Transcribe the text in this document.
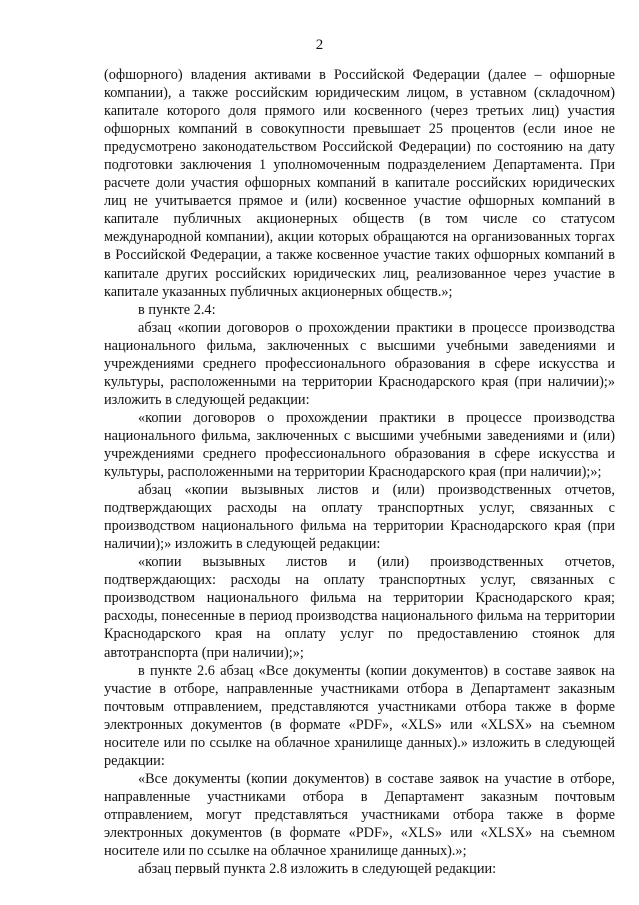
2

(офшорного) владения активами в Российской Федерации (далее – офшорные компании), а также российским юридическим лицом, в уставном (складочном) капитале которого доля прямого или косвенного (через третьих лиц) участия офшорных компаний в совокупности превышает 25 процентов (если иное не предусмотрено законодательством Российской Федерации) по состоянию на дату подготовки заключения 1 уполномоченным подразделением Департамента. При расчете доли участия офшорных компаний в капитале российских юридических лиц не учитывается прямое и (или) косвенное участие офшорных компаний в капитале публичных акционерных обществ (в том числе со статусом международной компании), акции которых обращаются на организованных торгах в Российской Федерации, а также косвенное участие таких офшорных компаний в капитале других российских юридических лиц, реализованное через участие в капитале указанных публичных акционерных обществ.»;

в пункте 2.4:

абзац «копии договоров о прохождении практики в процессе производства национального фильма, заключенных с высшими учебными заведениями и учреждениями среднего профессионального образования в сфере искусства и культуры, расположенными на территории Краснодарского края (при наличии);» изложить в следующей редакции:

«копии договоров о прохождении практики в процессе производства национального фильма, заключенных с высшими учебными заведениями и (или) учреждениями среднего профессионального образования в сфере искусства и культуры, расположенными на территории Краснодарского края (при наличии);»;

абзац «копии вызывных листов и (или) производственных отчетов, подтверждающих расходы на оплату транспортных услуг, связанных с производством национального фильма на территории Краснодарского края (при наличии);» изложить в следующей редакции:

«копии вызывных листов и (или) производственных отчетов, подтверждающих: расходы на оплату транспортных услуг, связанных с производством национального фильма на территории Краснодарского края; расходы, понесенные в период производства национального фильма на территории Краснодарского края на оплату услуг по предоставлению стоянок для автотранспорта (при наличии);»;

в пункте 2.6 абзац «Все документы (копии документов) в составе заявок на участие в отборе, направленные участниками отбора в Департамент заказным почтовым отправлением, представляются участниками отбора также в форме электронных документов (в формате «PDF», «XLS» или «XLSX» на съемном носителе или по ссылке на облачное хранилище данных).» изложить в следующей редакции:

«Все документы (копии документов) в составе заявок на участие в отборе, направленные участниками отбора в Департамент заказным почтовым отправлением, могут представляться участниками отбора также в форме электронных документов (в формате «PDF», «XLS» или «XLSX» на съемном носителе или по ссылке на облачное хранилище данных).»;

абзац первый пункта 2.8 изложить в следующей редакции:
